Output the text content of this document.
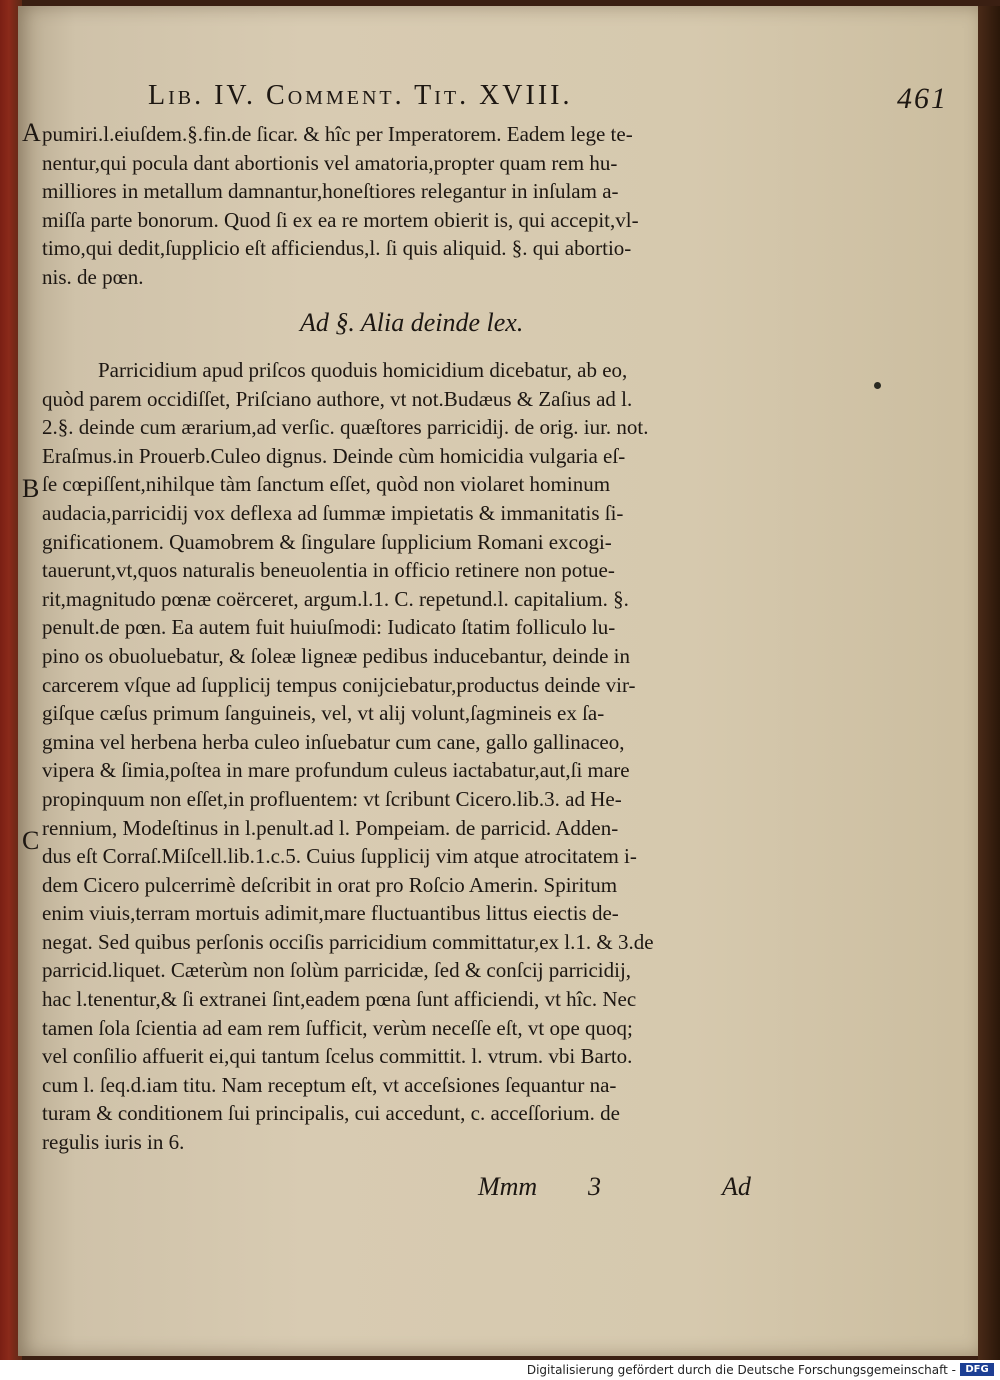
Lib. IV. Comment. Tit. XVIII.	461
A
B
C
pumiri.l.eiuſdem.§.fin.de ſicar. & hîc per Imperatorem. Eadem lege te-
nentur,qui pocula dant abortionis vel amatoria,propter quam rem hu-
milliores in metallum damnantur,honeſtiores relegantur in inſulam a-
miſſa parte bonorum. Quod ſi ex ea re mortem obierit is, qui accepit,vl-
timo,qui dedit,ſupplicio eſt afficiendus,l. ſi quis aliquid. §. qui abortio-
nis. de pœn.
Ad §. Alia deinde lex.
Parricidium apud priſcos quoduis homicidium dicebatur, ab eo,
quòd parem occidiſſet, Priſciano authore, vt not.Budæus & Zaſius ad l.
2.§. deinde cum ærarium,ad verſic. quæſtores parricidij. de orig. iur. not.
Eraſmus.in Prouerb.Culeo dignus. Deinde cùm homicidia vulgaria eſ-
ſe cœpiſſent,nihilque tàm ſanctum eſſet, quòd non violaret hominum
audacia,parricidij vox deflexa ad ſummæ impietatis & immanitatis ſi-
gnificationem. Quamobrem & ſingulare ſupplicium Romani excogi-
tauerunt,vt,quos naturalis beneuolentia in officio retinere non potue-
rit,magnitudo pœnæ coërceret, argum.l.1. C. repetund.l. capitalium. §.
penult.de pœn. Ea autem fuit huiuſmodi: Iudicato ſtatim folliculo lu-
pino os obuoluebatur, & ſoleæ ligneæ pedibus inducebantur, deinde in
carcerem vſque ad ſupplicij tempus conijciebatur,productus deinde vir-
giſque cæſus primum ſanguineis, vel, vt alij volunt,ſagmineis ex ſa-
gmina vel herbena herba culeo inſuebatur cum cane, gallo gallinaceo,
vipera & ſimia,poſtea in mare profundum culeus iactabatur,aut,ſi mare
propinquum non eſſet,in profluentem: vt ſcribunt Cicero.lib.3. ad He-
rennium, Modeſtinus in l.penult.ad l. Pompeiam. de parricid. Adden-
dus eſt Corraſ.Miſcell.lib.1.c.5. Cuius ſupplicij vim atque atrocitatem i-
dem Cicero pulcerrimè deſcribit in orat pro Roſcio Amerin. Spiritum
enim viuis,terram mortuis adimit,mare fluctuantibus littus eiectis de-
negat. Sed quibus perſonis occiſis parricidium committatur,ex l.1. & 3.de
parricid.liquet. Cæterùm non ſolùm parricidæ, ſed & conſcij parricidij,
hac l.tenentur,& ſi extranei ſint,eadem pœna ſunt afficiendi, vt hîc. Nec
tamen ſola ſcientia ad eam rem ſufficit, verùm neceſſe eſt, vt ope quoq;
vel conſilio affuerit ei,qui tantum ſcelus committit. l. vtrum. vbi Barto.
cum l. ſeq.d.iam titu. Nam receptum eſt, vt acceſsiones ſequantur na-
turam & conditionem ſui principalis, cui accedunt, c. acceſſorium. de
regulis iuris in 6.
Mmm 3	Ad
Digitalisierung gefördert durch die Deutsche Forschungsgemeinschaft - DFG
